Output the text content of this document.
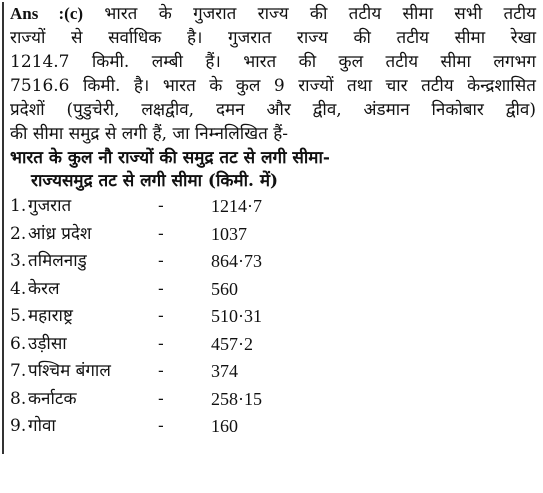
Ans :(c) भारत के गुजरात राज्य की तटीय सीमा सभी तटीय
राज्यों से सर्वाधिक है। गुजरात राज्य की तटीय सीमा रेखा
1214.7 किमी. लम्बी हैं। भारत की कुल तटीय सीमा लगभग
7516.6 किमी. है। भारत के कुल 9 राज्यों तथा चार तटीय केन्द्रशासित
प्रदेशों (पुडुचेरी, लक्षद्वीव, दमन और द्वीव, अंडमान निकोबार द्वीव)
की सीमा समुद्र से लगी हैं, जा निम्नलिखित हैं-
भारत के कुल नौ राज्यों की समुद्र तट से लगी सीमा-
राज्यसमुद्र तट से लगी सीमा (किमी. में)
1. गुजरात	-	1214·7
2. आंध्र प्रदेश	-	1037
3. तमिलनाडु	-	864·73
4. केरल	-	560
5. महाराष्ट्र	-	510·31
6. उड़ीसा	-	457·2
7. पश्चिम बंगाल	-	374
8. कर्नाटक	-	258·15
9. गोवा	-	160
